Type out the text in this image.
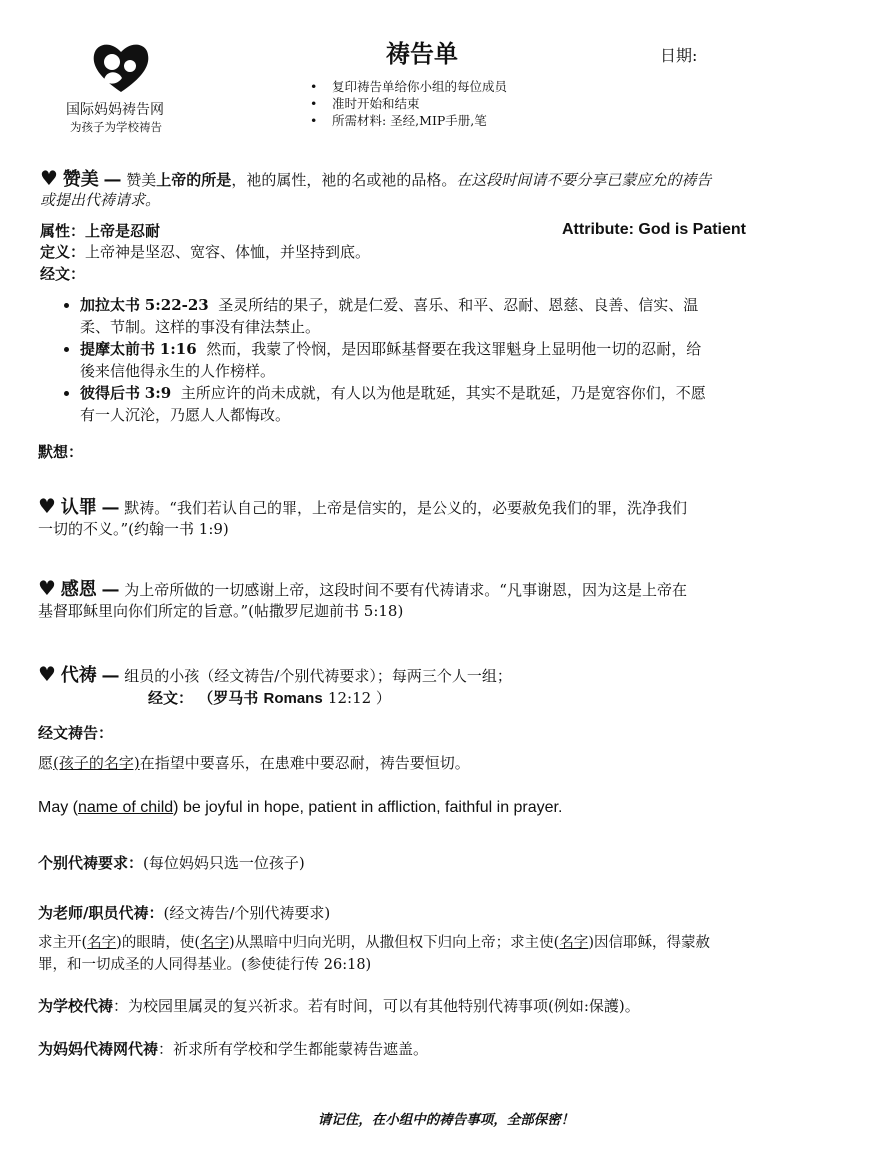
国际妈妈祷告网
为孩子为学校祷告
祷告单	日期:
• 复印祷告单给你小组的每位成员
• 准时开始和结束
• 所需材料: 圣经,MIP手册,笔
♥ 赞美 — 赞美上帝的所是，祂的属性，祂的名或祂的品格。在这段时间请不要分享已蒙应允的祷告
或提出代祷请求。
属性：上帝是忍耐	Attribute: God is Patient
定义：上帝神是坚忍、宽容、体恤，并坚持到底。
经文：
• 加拉太书 5:22-23 圣灵所结的果子，就是仁爱、喜乐、和平、忍耐、恩慈、良善、信实、温
柔、节制。这样的事没有律法禁止。
• 提摩太前书 1:16 然而，我蒙了怜悯，是因耶稣基督要在我这罪魁身上显明他一切的忍耐，给
後来信他得永生的人作榜样。
• 彼得后书 3:9 主所应许的尚未成就，有人以为他是耽延，其实不是耽延，乃是宽容你们，不愿
有一人沉沦，乃愿人人都悔改。
默想：
♥ 认罪 — 默祷。“我们若认自己的罪，上帝是信实的，是公义的，必要赦免我们的罪，洗净我们
一切的不义。”(约翰一书 1:9)
♥ 感恩 — 为上帝所做的一切感谢上帝，这段时间不要有代祷请求。“凡事谢恩，因为这是上帝在
基督耶稣里向你们所定的旨意。”(帖撒罗尼迦前书 5:18)
♥ 代祷 — 组员的小孩（经文祷告/个别代祷要求）；每两三个人一组；
经文： （罗马书 Romans 12:12 ）
经文祷告：
愿(孩子的名字)在指望中要喜乐，在患难中要忍耐，祷告要恒切。
May (name of child) be joyful in hope, patient in affliction, faithful in prayer.
个别代祷要求：(每位妈妈只选一位孩子)
为老师/职员代祷：(经文祷告/个别代祷要求)
求主开(名字)的眼睛，使(名字)从黑暗中归向光明，从撒但权下归向上帝；求主使(名字)因信耶稣，得蒙赦
罪，和一切成圣的人同得基业。(参使徒行传 26:18)
为学校代祷：为校园里属灵的复兴祈求。若有时间，可以有其他特别代祷事项(例如:保護)。
为妈妈代祷网代祷：祈求所有学校和学生都能蒙祷告遮盖。
请记住，在小组中的祷告事项，全部保密！
